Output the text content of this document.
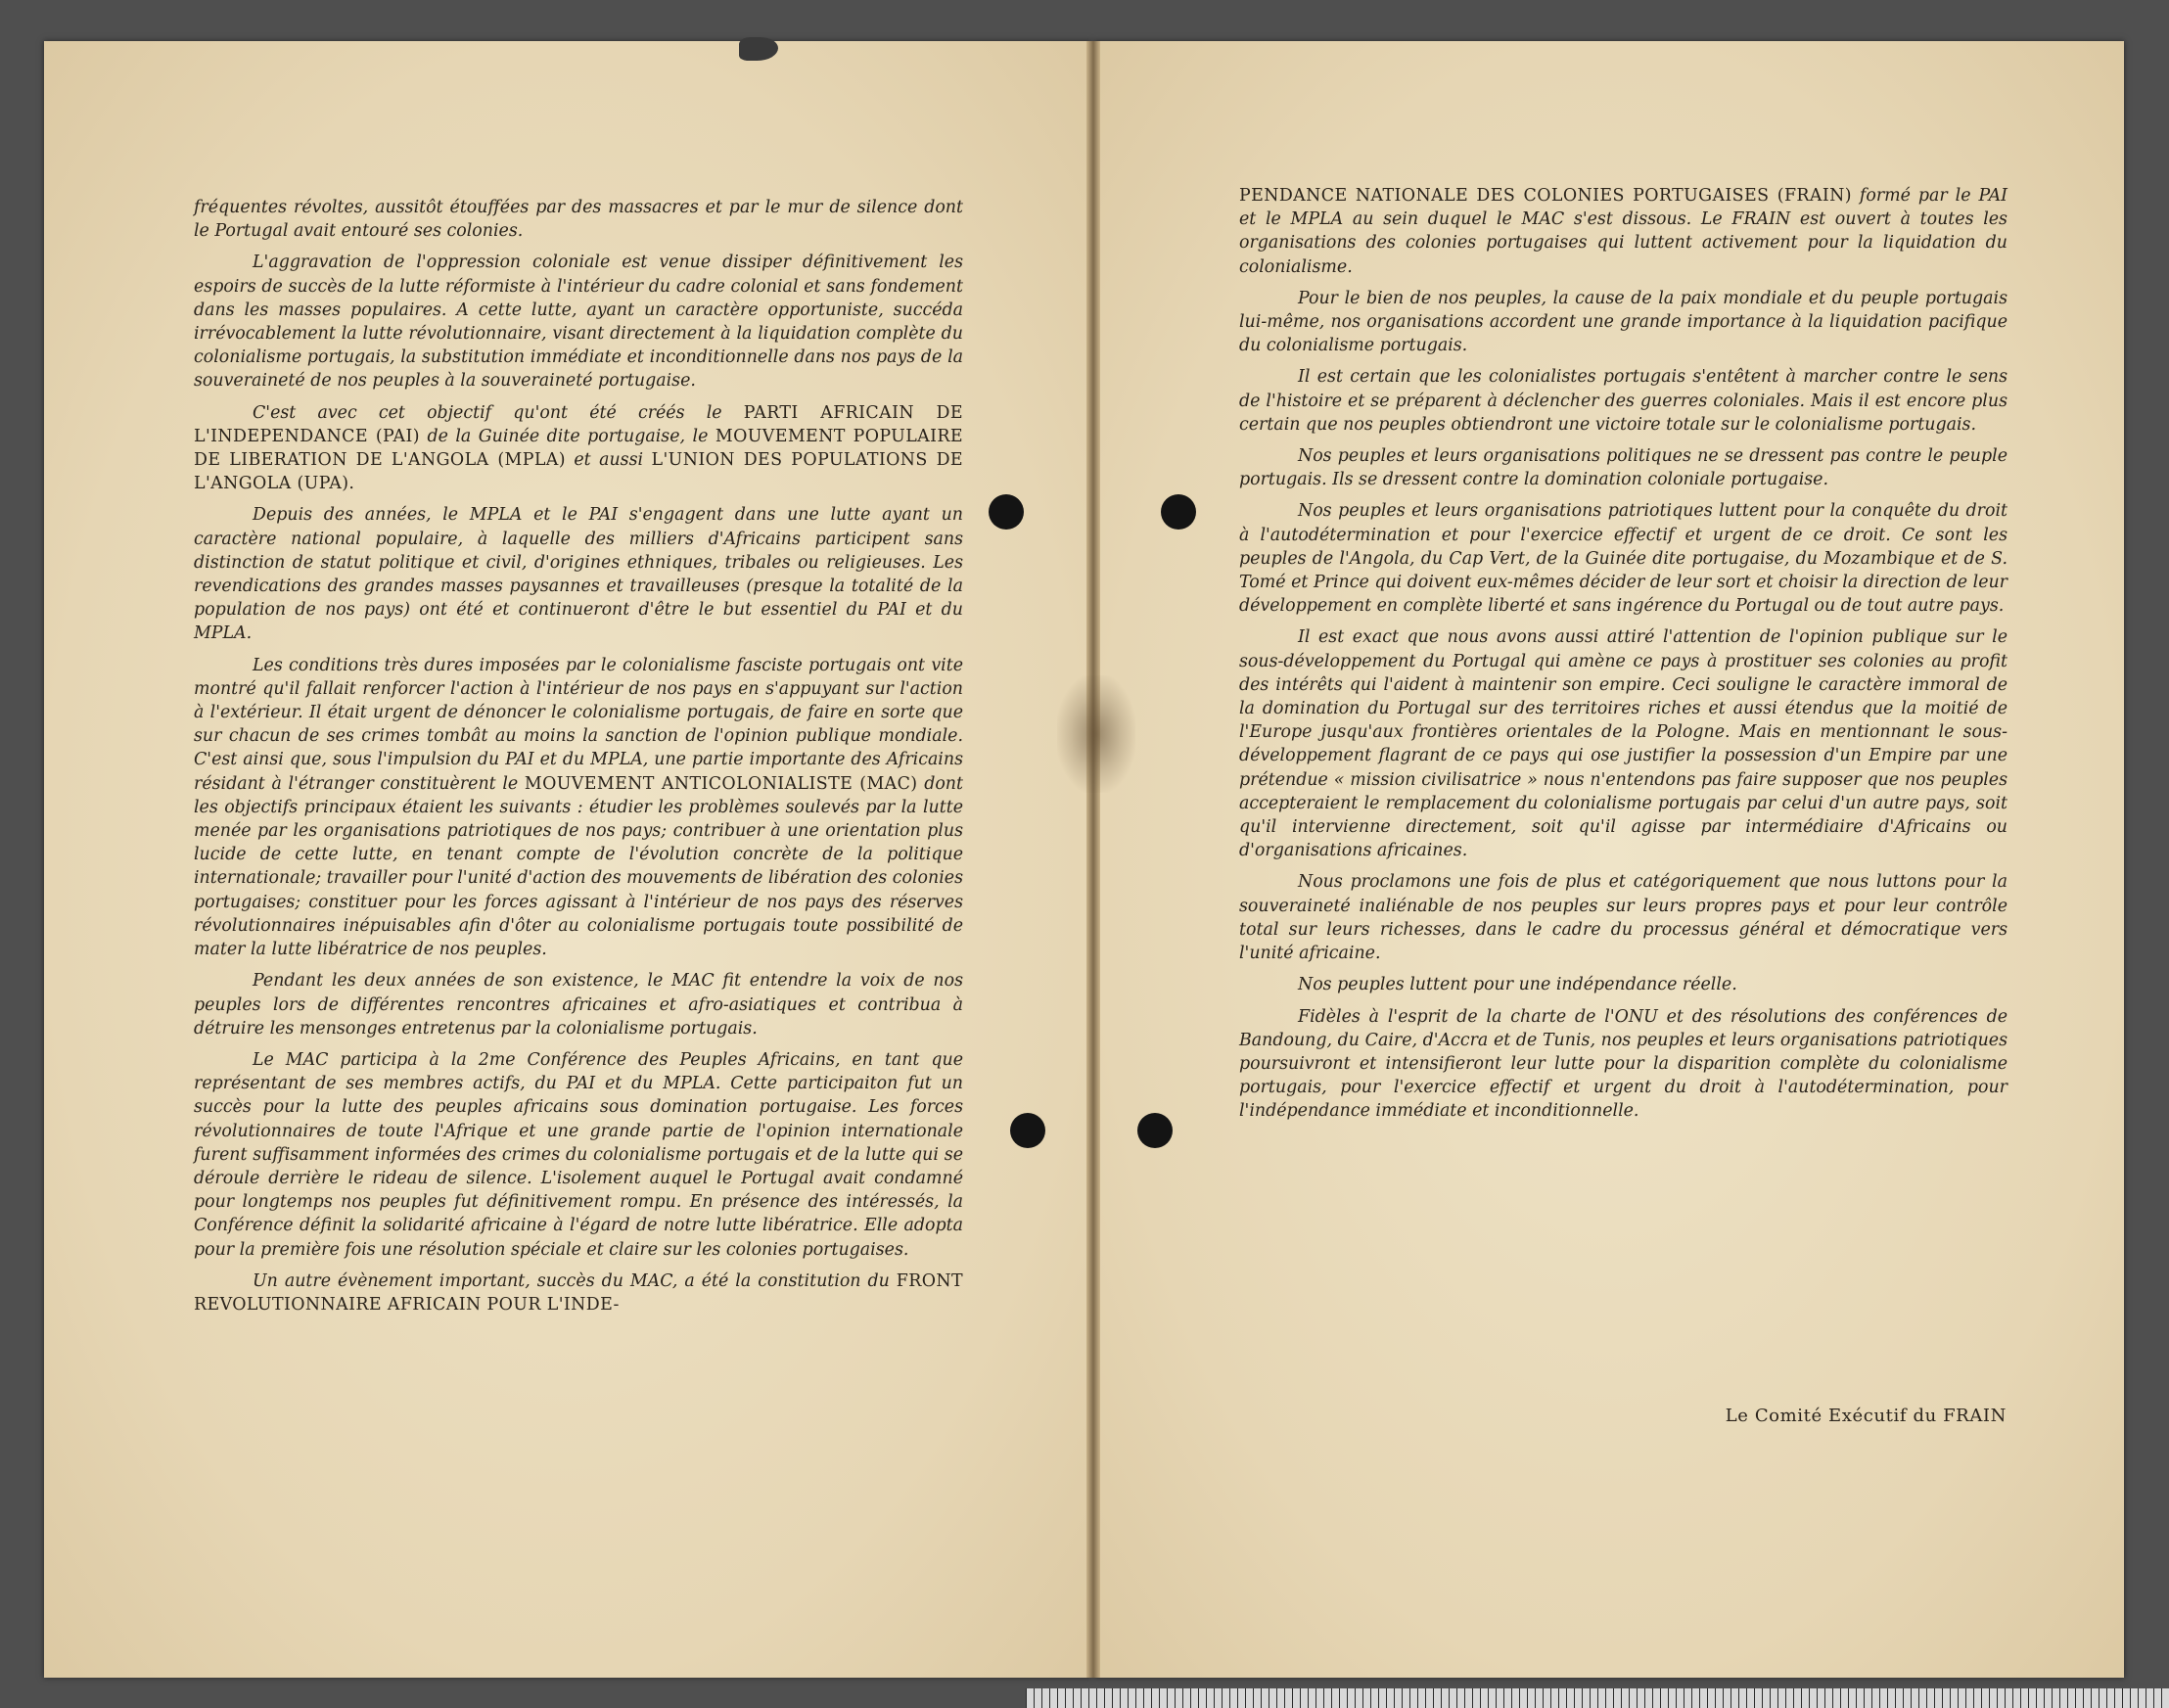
fréquentes révoltes, aussitôt étouffées par des massacres et par le mur de silence dont le Portugal avait entouré ses colonies.

L'aggravation de l'oppression coloniale est venue dissiper définitivement les espoirs de succès de la lutte réformiste à l'intérieur du cadre colonial et sans fondement dans les masses populaires. A cette lutte, ayant un caractère opportuniste, succéda irrévocablement la lutte révolutionnaire, visant directement à la liquidation complète du colonialisme portugais, la substitution immédiate et inconditionnelle dans nos pays de la souveraineté de nos peuples à la souveraineté portugaise.

C'est avec cet objectif qu'ont été créés le PARTI AFRICAIN DE L'INDEPENDANCE (PAI) de la Guinée dite portugaise, le MOUVEMENT POPULAIRE DE LIBERATION DE L'ANGOLA (MPLA) et aussi L'UNION DES POPULATIONS DE L'ANGOLA (UPA).

Depuis des années, le MPLA et le PAI s'engagent dans une lutte ayant un caractère national populaire, à laquelle des milliers d'Africains participent sans distinction de statut politique et civil, d'origines ethniques, tribales ou religieuses. Les revendications des grandes masses paysannes et travailleuses (presque la totalité de la population de nos pays) ont été et continueront d'être le but essentiel du PAI et du MPLA.

Les conditions très dures imposées par le colonialisme fasciste portugais ont vite montré qu'il fallait renforcer l'action à l'intérieur de nos pays en s'appuyant sur l'action à l'extérieur. Il était urgent de dénoncer le colonialisme portugais, de faire en sorte que sur chacun de ses crimes tombât au moins la sanction de l'opinion publique mondiale. C'est ainsi que, sous l'impulsion du PAI et du MPLA, une partie importante des Africains résidant à l'étranger constituèrent le MOUVEMENT ANTICOLONIALISTE (MAC) dont les objectifs principaux étaient les suivants : étudier les problèmes soulevés par la lutte menée par les organisations patriotiques de nos pays; contribuer à une orientation plus lucide de cette lutte, en tenant compte de l'évolution concrète de la politique internationale; travailler pour l'unité d'action des mouvements de libération des colonies portugaises; constituer pour les forces agissant à l'intérieur de nos pays des réserves révolutionnaires inépuisables afin d'ôter au colonialisme portugais toute possibilité de mater la lutte libératrice de nos peuples.

Pendant les deux années de son existence, le MAC fit entendre la voix de nos peuples lors de différentes rencontres africaines et afro-asiatiques et contribua à détruire les mensonges entretenus par la colonialisme portugais.

Le MAC participa à la 2me Conférence des Peuples Africains, en tant que représentant de ses membres actifs, du PAI et du MPLA. Cette participaiton fut un succès pour la lutte des peuples africains sous domination portugaise. Les forces révolutionnaires de toute l'Afrique et une grande partie de l'opinion internationale furent suffisamment informées des crimes du colonialisme portugais et de la lutte qui se déroule derrière le rideau de silence. L'isolement auquel le Portugal avait condamné pour longtemps nos peuples fut définitivement rompu. En présence des intéressés, la Conférence définit la solidarité africaine à l'égard de notre lutte libératrice. Elle adopta pour la première fois une résolution spéciale et claire sur les colonies portugaises.

Un autre évènement important, succès du MAC, a été la constitution du FRONT REVOLUTIONNAIRE AFRICAIN POUR L'INDE-

PENDANCE NATIONALE DES COLONIES PORTUGAISES (FRAIN) formé par le PAI et le MPLA au sein duquel le MAC s'est dissous. Le FRAIN est ouvert à toutes les organisations des colonies portugaises qui luttent activement pour la liquidation du colonialisme.

Pour le bien de nos peuples, la cause de la paix mondiale et du peuple portugais lui-même, nos organisations accordent une grande importance à la liquidation pacifique du colonialisme portugais.

Il est certain que les colonialistes portugais s'entêtent à marcher contre le sens de l'histoire et se préparent à déclencher des guerres coloniales. Mais il est encore plus certain que nos peuples obtiendront une victoire totale sur le colonialisme portugais.

Nos peuples et leurs organisations politiques ne se dressent pas contre le peuple portugais. Ils se dressent contre la domination coloniale portugaise.

Nos peuples et leurs organisations patriotiques luttent pour la conquête du droit à l'autodétermination et pour l'exercice effectif et urgent de ce droit. Ce sont les peuples de l'Angola, du Cap Vert, de la Guinée dite portugaise, du Mozambique et de S. Tomé et Prince qui doivent eux-mêmes décider de leur sort et choisir la direction de leur développement en complète liberté et sans ingérence du Portugal ou de tout autre pays.

Il est exact que nous avons aussi attiré l'attention de l'opinion publique sur le sous-développement du Portugal qui amène ce pays à prostituer ses colonies au profit des intérêts qui l'aident à maintenir son empire. Ceci souligne le caractère immoral de la domination du Portugal sur des territoires riches et aussi étendus que la moitié de l'Europe jusqu'aux frontières orientales de la Pologne. Mais en mentionnant le sous-développement flagrant de ce pays qui ose justifier la possession d'un Empire par une prétendue « mission civilisatrice » nous n'entendons pas faire supposer que nos peuples accepteraient le remplacement du colonialisme portugais par celui d'un autre pays, soit qu'il intervienne directement, soit qu'il agisse par intermédiaire d'Africains ou d'organisations africaines.

Nous proclamons une fois de plus et catégoriquement que nous luttons pour la souveraineté inaliénable de nos peuples sur leurs propres pays et pour leur contrôle total sur leurs richesses, dans le cadre du processus général et démocratique vers l'unité africaine.

Nos peuples luttent pour une indépendance réelle.

Fidèles à l'esprit de la charte de l'ONU et des résolutions des conférences de Bandoung, du Caire, d'Accra et de Tunis, nos peuples et leurs organisations patriotiques poursuivront et intensifieront leur lutte pour la disparition complète du colonialisme portugais, pour l'exercice effectif et urgent du droit à l'autodétermination, pour l'indépendance immédiate et inconditionnelle.

Le Comité Exécutif du FRAIN
